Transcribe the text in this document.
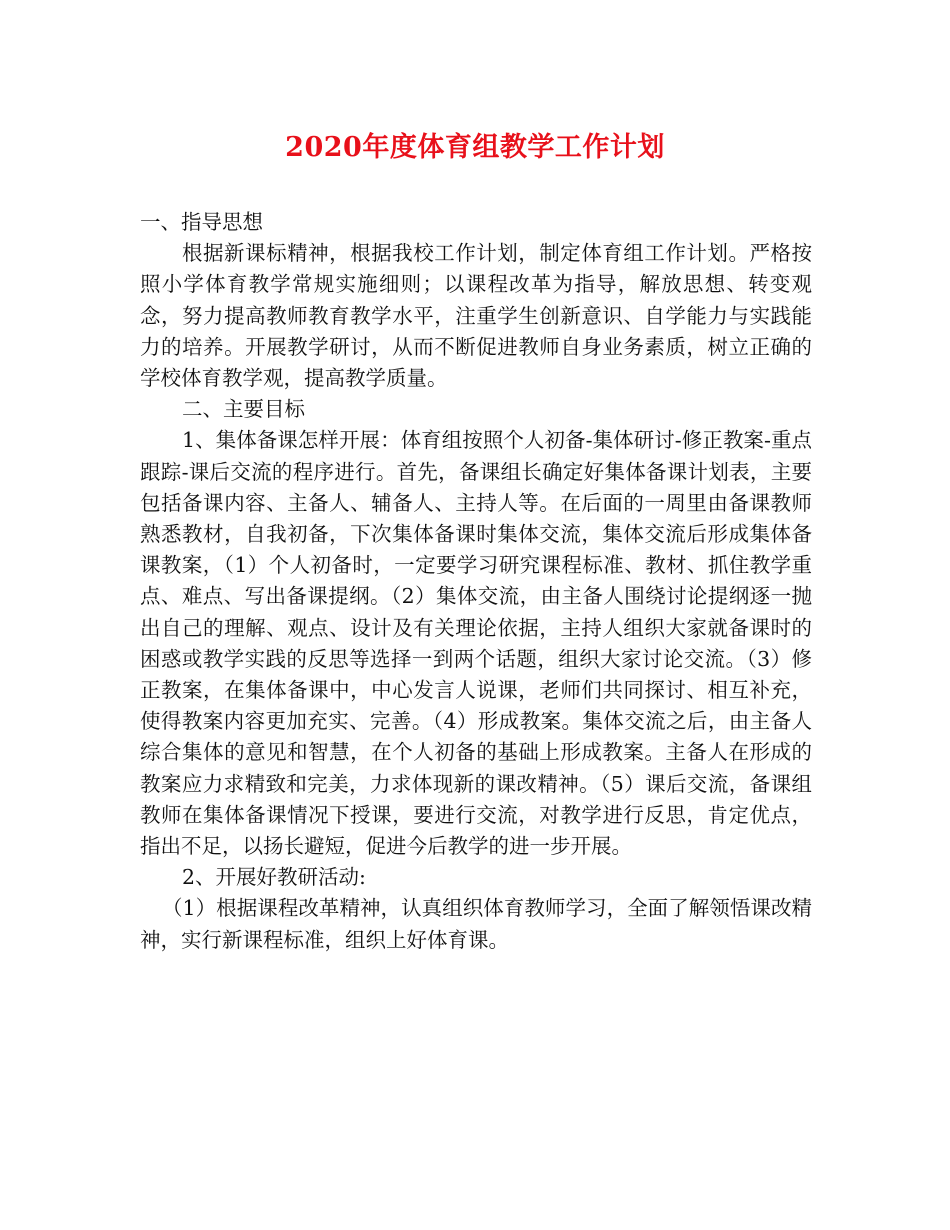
2020年度体育组教学工作计划

一、指导思想

根据新课标精神，根据我校工作计划，制定体育组工作计划。严格按照小学体育教学常规实施细则；以课程改革为指导，解放思想、转变观念，努力提高教师教育教学水平，注重学生创新意识、自学能力与实践能力的培养。开展教学研讨，从而不断促进教师自身业务素质，树立正确的学校体育教学观，提高教学质量。

二、主要目标

1、集体备课怎样开展：体育组按照个人初备-集体研讨-修正教案-重点跟踪-课后交流的程序进行。首先，备课组长确定好集体备课计划表，主要包括备课内容、主备人、辅备人、主持人等。在后面的一周里由备课教师熟悉教材，自我初备，下次集体备课时集体交流，集体交流后形成集体备课教案，（1）个人初备时，一定要学习研究课程标准、教材、抓住教学重点、难点、写出备课提纲。（2）集体交流，由主备人围绕讨论提纲逐一抛出自己的理解、观点、设计及有关理论依据，主持人组织大家就备课时的困惑或教学实践的反思等选择一到两个话题，组织大家讨论交流。（3）修正教案，在集体备课中，中心发言人说课，老师们共同探讨、相互补充，使得教案内容更加充实、完善。（4）形成教案。集体交流之后，由主备人综合集体的意见和智慧，在个人初备的基础上形成教案。主备人在形成的教案应力求精致和完美，力求体现新的课改精神。（5）课后交流，备课组教师在集体备课情况下授课，要进行交流，对教学进行反思，肯定优点，指出不足，以扬长避短，促进今后教学的进一步开展。

2、开展好教研活动:

（1）根据课程改革精神，认真组织体育教师学习，全面了解领悟课改精神，实行新课程标准，组织上好体育课。
